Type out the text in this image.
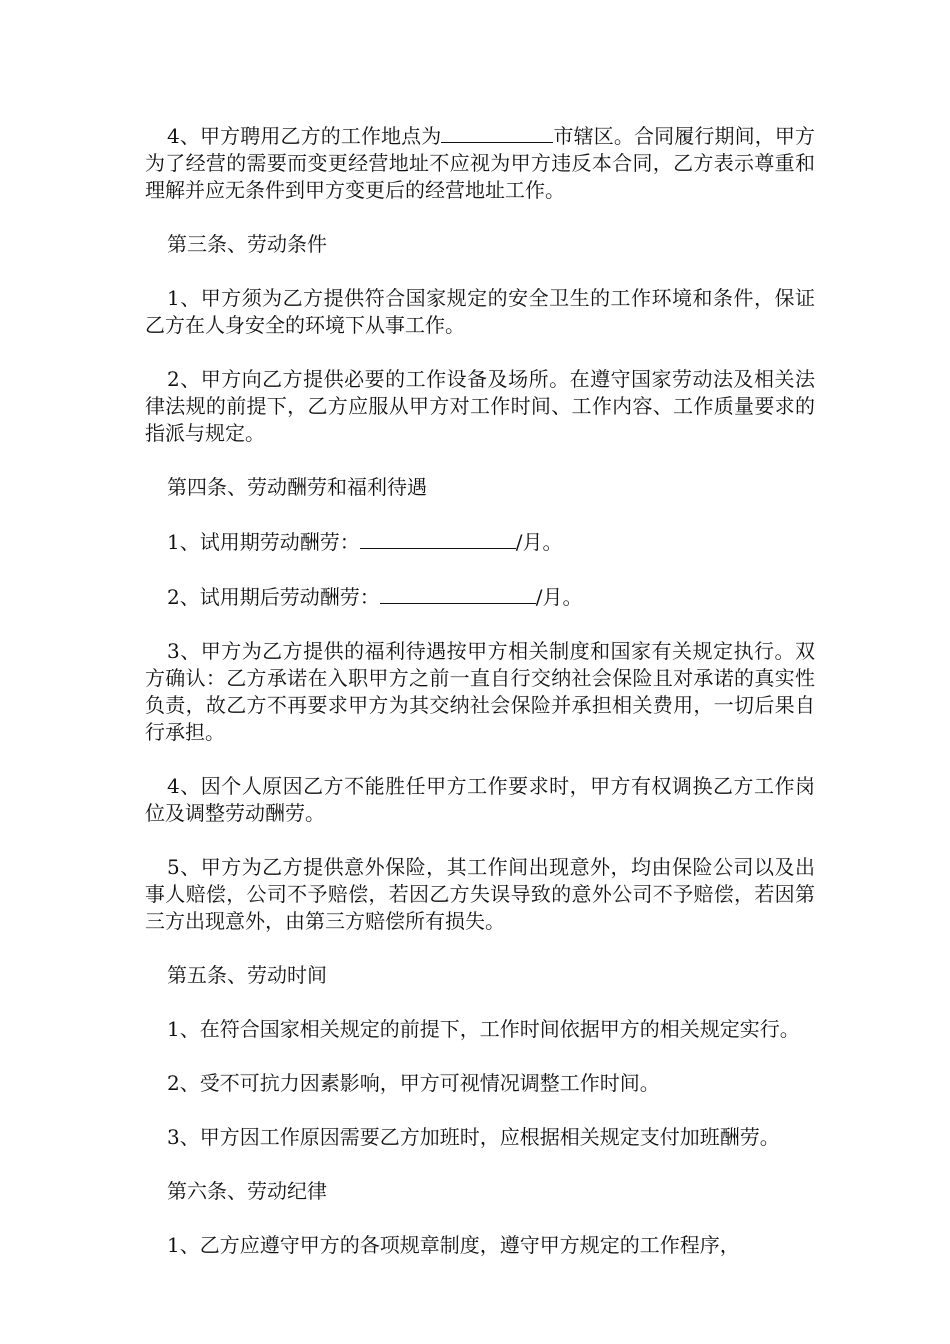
4、甲方聘用乙方的工作地点为	市辖区。合同履行期间，甲方为了经营的需要而变更经营地址不应视为甲方违反本合同，乙方表示尊重和理解并应无条件到甲方变更后的经营地址工作。

第三条、劳动条件

1、甲方须为乙方提供符合国家规定的安全卫生的工作环境和条件，保证乙方在人身安全的环境下从事工作。

2、甲方向乙方提供必要的工作设备及场所。在遵守国家劳动法及相关法律法规的前提下，乙方应服从甲方对工作时间、工作内容、工作质量要求的指派与规定。

第四条、劳动酬劳和福利待遇

1、试用期劳动酬劳：	/月。

2、试用期后劳动酬劳：	/月。

3、甲方为乙方提供的福利待遇按甲方相关制度和国家有关规定执行。双方确认：乙方承诺在入职甲方之前一直自行交纳社会保险且对承诺的真实性负责，故乙方不再要求甲方为其交纳社会保险并承担相关费用，一切后果自行承担。

4、因个人原因乙方不能胜任甲方工作要求时，甲方有权调换乙方工作岗位及调整劳动酬劳。

5、甲方为乙方提供意外保险，其工作间出现意外，均由保险公司以及出事人赔偿，公司不予赔偿，若因乙方失误导致的意外公司不予赔偿，若因第三方出现意外，由第三方赔偿所有损失。

第五条、劳动时间

1、在符合国家相关规定的前提下，工作时间依据甲方的相关规定实行。

2、受不可抗力因素影响，甲方可视情况调整工作时间。

3、甲方因工作原因需要乙方加班时，应根据相关规定支付加班酬劳。

第六条、劳动纪律

1、乙方应遵守甲方的各项规章制度，遵守甲方规定的工作程序，
